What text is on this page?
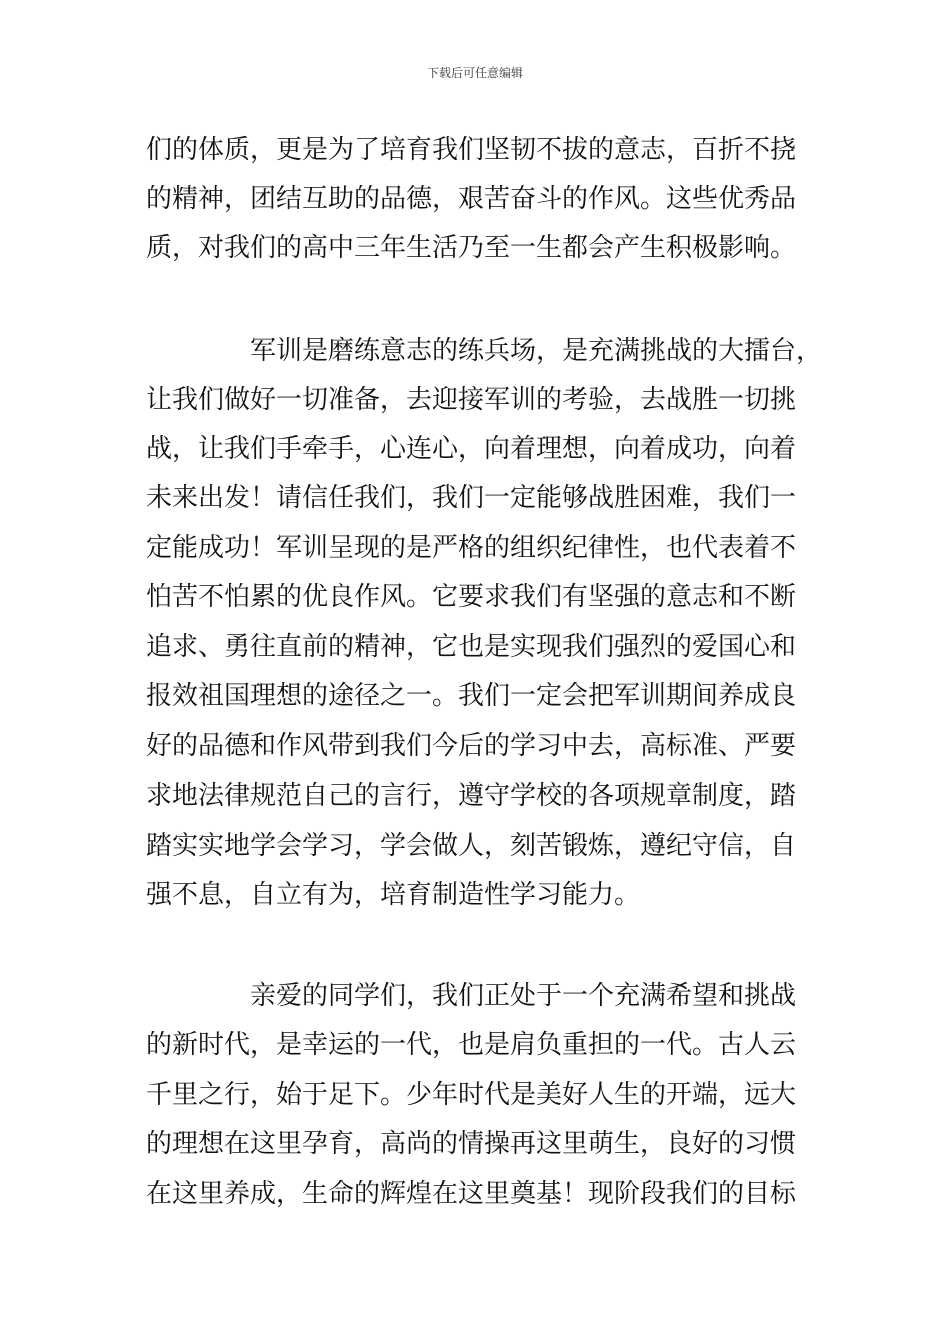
下载后可任意编辑
们的体质，更是为了培育我们坚韧不拔的意志，百折不挠
的精神，团结互助的品德，艰苦奋斗的作风。这些优秀品
质，对我们的高中三年生活乃至一生都会产生积极影响。
军训是磨练意志的练兵场，是充满挑战的大擂台，
让我们做好一切准备，去迎接军训的考验，去战胜一切挑
战，让我们手牵手，心连心，向着理想，向着成功，向着
未来出发！请信任我们，我们一定能够战胜困难，我们一
定能成功！军训呈现的是严格的组织纪律性，也代表着不
怕苦不怕累的优良作风。它要求我们有坚强的意志和不断
追求、勇往直前的精神，它也是实现我们强烈的爱国心和
报效祖国理想的途径之一。我们一定会把军训期间养成良
好的品德和作风带到我们今后的学习中去，高标准、严要
求地法律规范自己的言行，遵守学校的各项规章制度，踏
踏实实地学会学习，学会做人，刻苦锻炼，遵纪守信，自
强不息，自立有为，培育制造性学习能力。
亲爱的同学们，我们正处于一个充满希望和挑战
的新时代，是幸运的一代，也是肩负重担的一代。古人云
千里之行，始于足下。少年时代是美好人生的开端，远大
的理想在这里孕育，高尚的情操再这里萌生，良好的习惯
在这里养成，生命的辉煌在这里奠基！现阶段我们的目标
